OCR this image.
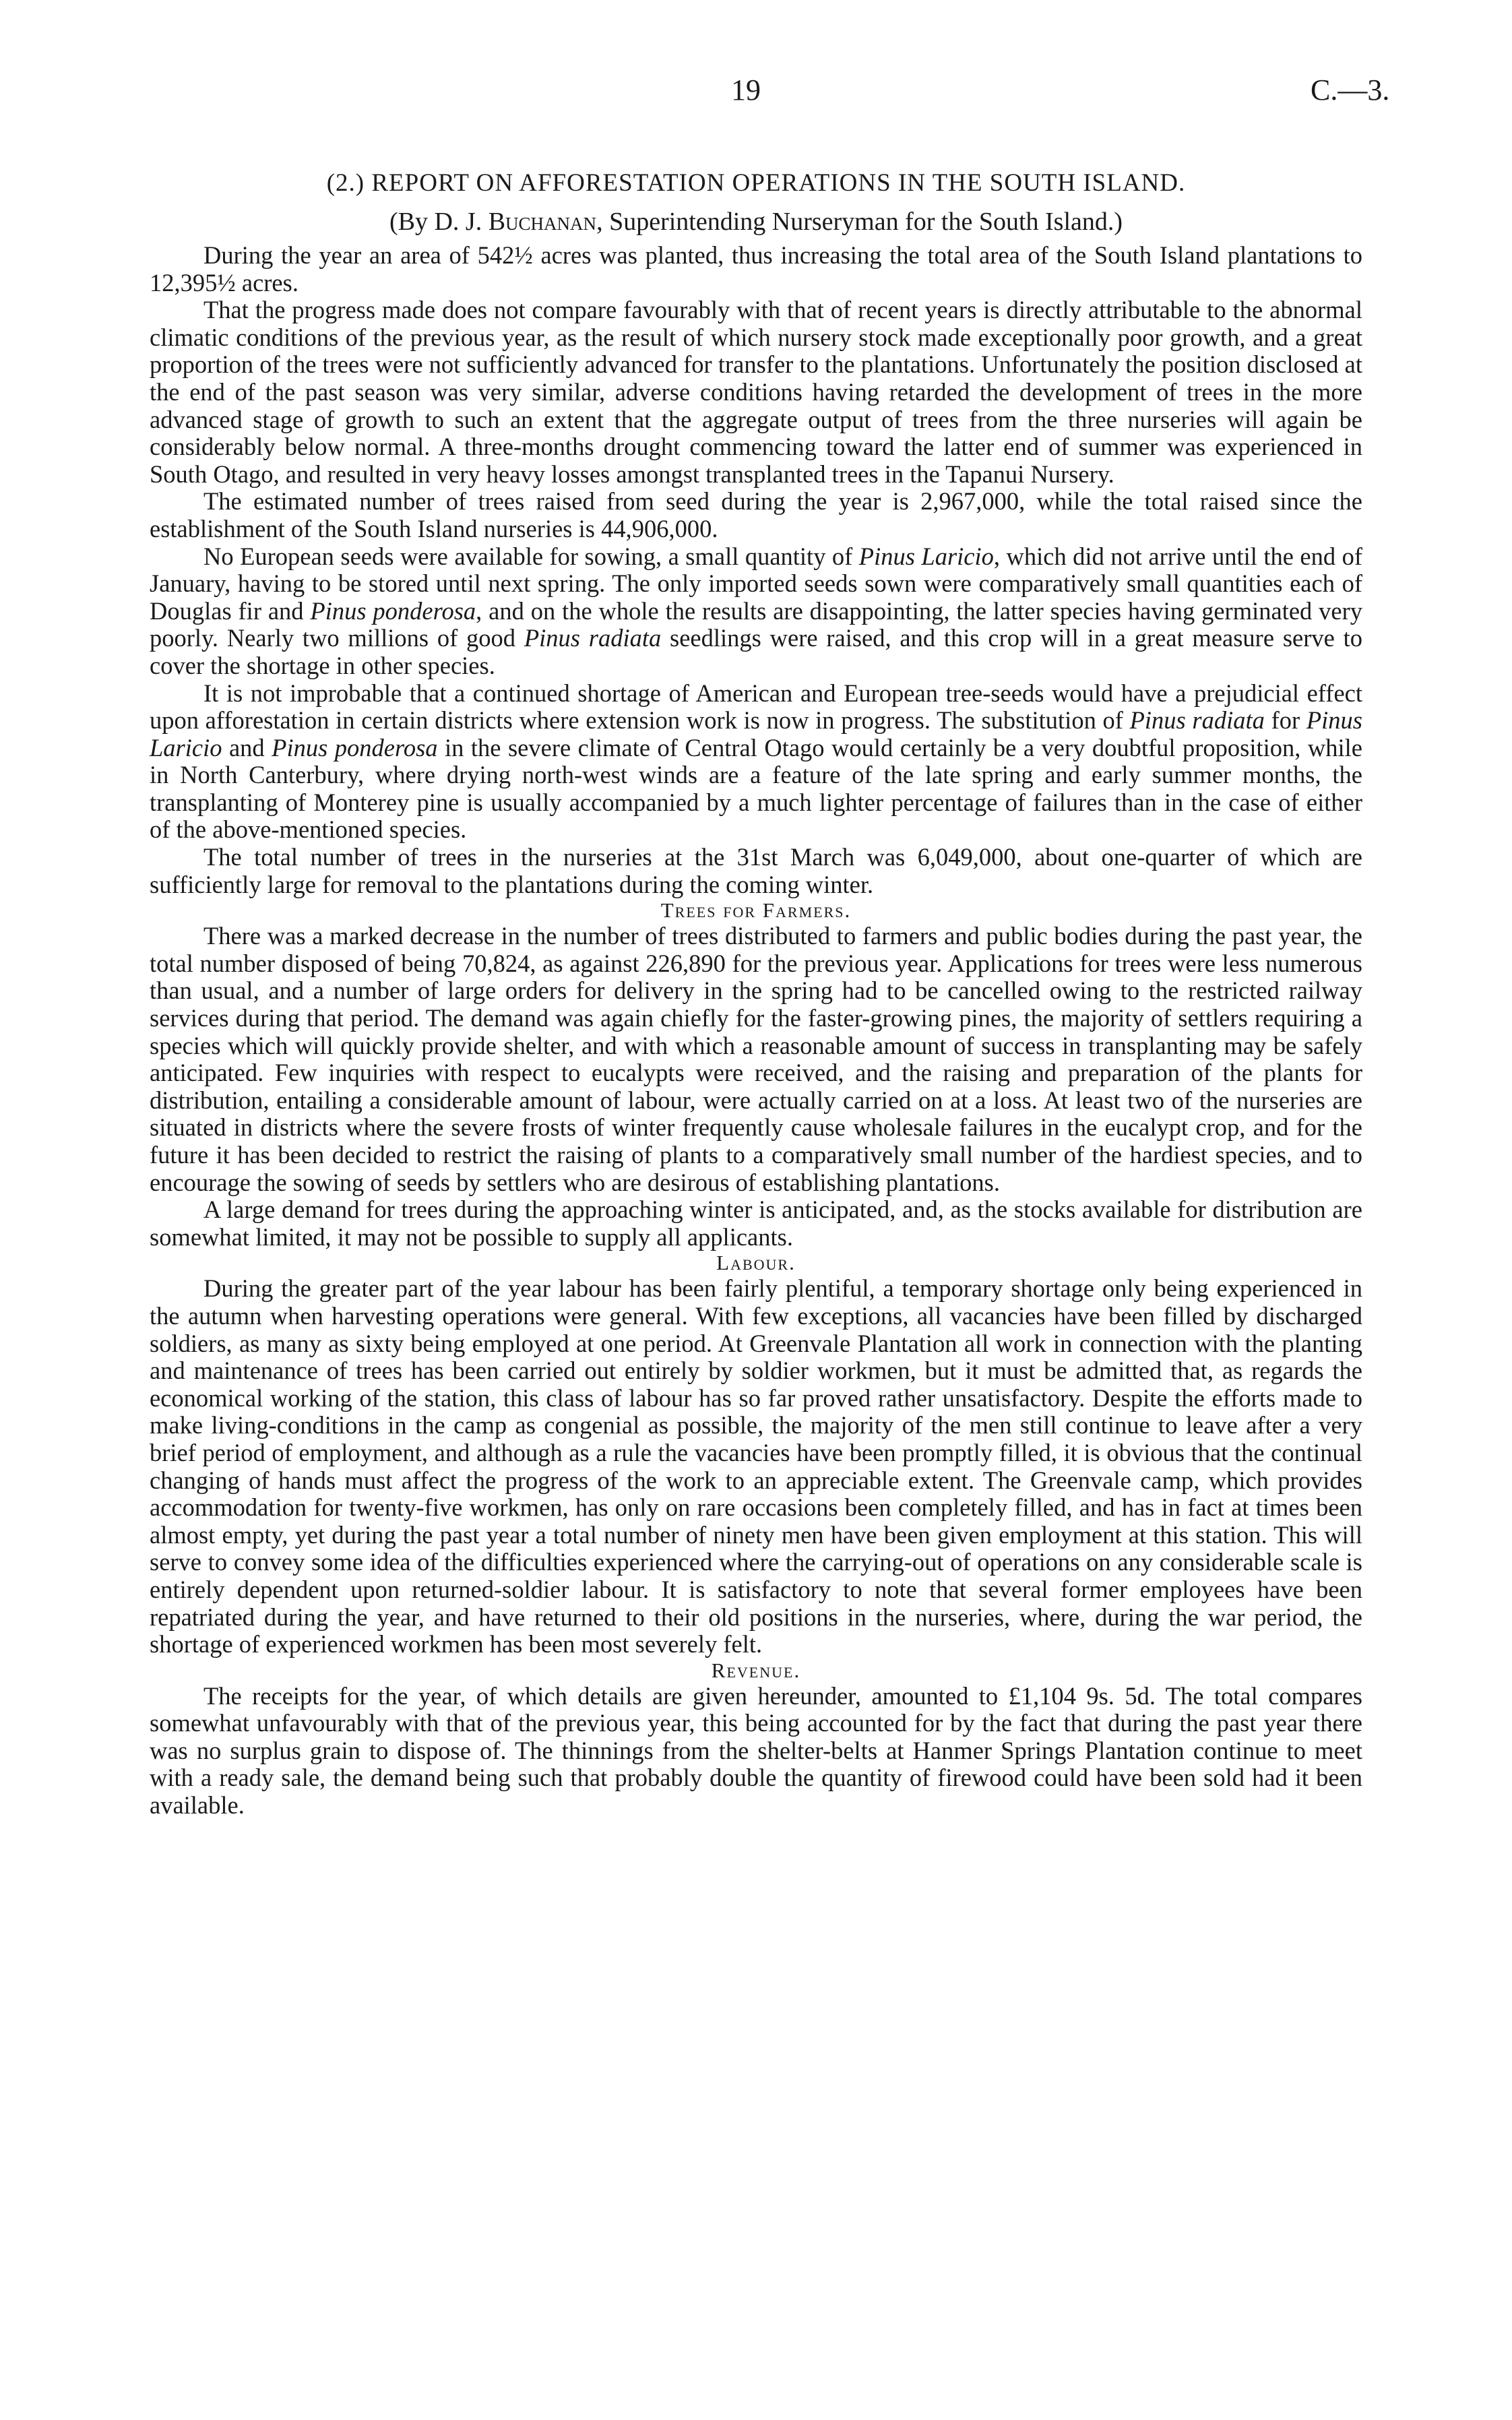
19	C.—3.
(2.) REPORT ON AFFORESTATION OPERATIONS IN THE SOUTH ISLAND.
(By D. J. Buchanan, Superintending Nurseryman for the South Island.)

During the year an area of 542½ acres was planted, thus increasing the total area of the South Island plantations to 12,395½ acres.

That the progress made does not compare favourably with that of recent years is directly attributable to the abnormal climatic conditions of the previous year, as the result of which nursery stock made exceptionally poor growth, and a great proportion of the trees were not sufficiently advanced for transfer to the plantations. Unfortunately the position disclosed at the end of the past season was very similar, adverse conditions having retarded the development of trees in the more advanced stage of growth to such an extent that the aggregate output of trees from the three nurseries will again be considerably below normal. A three-months drought commencing toward the latter end of summer was experienced in South Otago, and resulted in very heavy losses amongst transplanted trees in the Tapanui Nursery.

The estimated number of trees raised from seed during the year is 2,967,000, while the total raised since the establishment of the South Island nurseries is 44,906,000.

No European seeds were available for sowing, a small quantity of Pinus Laricio, which did not arrive until the end of January, having to be stored until next spring. The only imported seeds sown were comparatively small quantities each of Douglas fir and Pinus ponderosa, and on the whole the results are disappointing, the latter species having germinated very poorly. Nearly two millions of good Pinus radiata seedlings were raised, and this crop will in a great measure serve to cover the shortage in other species.

It is not improbable that a continued shortage of American and European tree-seeds would have a prejudicial effect upon afforestation in certain districts where extension work is now in progress. The substitution of Pinus radiata for Pinus Laricio and Pinus ponderosa in the severe climate of Central Otago would certainly be a very doubtful proposition, while in North Canterbury, where drying north-west winds are a feature of the late spring and early summer months, the transplanting of Monterey pine is usually accompanied by a much lighter percentage of failures than in the case of either of the above-mentioned species.

The total number of trees in the nurseries at the 31st March was 6,049,000, about one-quarter of which are sufficiently large for removal to the plantations during the coming winter.

Trees for Farmers.

There was a marked decrease in the number of trees distributed to farmers and public bodies during the past year, the total number disposed of being 70,824, as against 226,890 for the previous year. Applications for trees were less numerous than usual, and a number of large orders for delivery in the spring had to be cancelled owing to the restricted railway services during that period. The demand was again chiefly for the faster-growing pines, the majority of settlers requiring a species which will quickly provide shelter, and with which a reasonable amount of success in transplanting may be safely anticipated. Few inquiries with respect to eucalypts were received, and the raising and preparation of the plants for distribution, entailing a considerable amount of labour, were actually carried on at a loss. At least two of the nurseries are situated in districts where the severe frosts of winter frequently cause wholesale failures in the eucalypt crop, and for the future it has been decided to restrict the raising of plants to a comparatively small number of the hardiest species, and to encourage the sowing of seeds by settlers who are desirous of establishing plantations.

A large demand for trees during the approaching winter is anticipated, and, as the stocks available for distribution are somewhat limited, it may not be possible to supply all applicants.

Labour.

During the greater part of the year labour has been fairly plentiful, a temporary shortage only being experienced in the autumn when harvesting operations were general. With few exceptions, all vacancies have been filled by discharged soldiers, as many as sixty being employed at one period. At Greenvale Plantation all work in connection with the planting and maintenance of trees has been carried out entirely by soldier workmen, but it must be admitted that, as regards the economical working of the station, this class of labour has so far proved rather unsatisfactory. Despite the efforts made to make living-conditions in the camp as congenial as possible, the majority of the men still continue to leave after a very brief period of employment, and although as a rule the vacancies have been promptly filled, it is obvious that the continual changing of hands must affect the progress of the work to an appreciable extent. The Greenvale camp, which provides accommodation for twenty-five workmen, has only on rare occasions been completely filled, and has in fact at times been almost empty, yet during the past year a total number of ninety men have been given employment at this station. This will serve to convey some idea of the difficulties experienced where the carrying-out of operations on any considerable scale is entirely dependent upon returned-soldier labour. It is satisfactory to note that several former employees have been repatriated during the year, and have returned to their old positions in the nurseries, where, during the war period, the shortage of experienced workmen has been most severely felt.

Revenue.

The receipts for the year, of which details are given hereunder, amounted to £1,104 9s. 5d. The total compares somewhat unfavourably with that of the previous year, this being accounted for by the fact that during the past year there was no surplus grain to dispose of. The thinnings from the shelter-belts at Hanmer Springs Plantation continue to meet with a ready sale, the demand being such that probably double the quantity of firewood could have been sold had it been available.
